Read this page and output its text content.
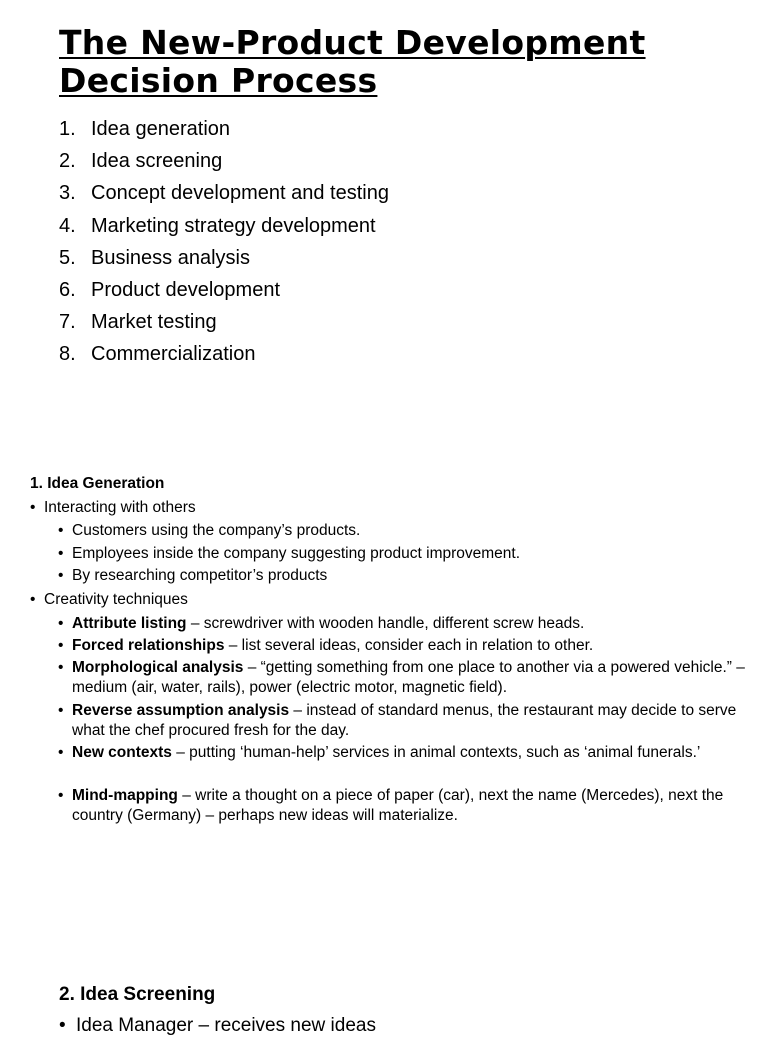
The New-Product Development Decision Process
1. Idea generation
2. Idea screening
3. Concept development and testing
4. Marketing strategy development
5. Business analysis
6. Product development
7. Market testing
8. Commercialization
1. Idea Generation
• Interacting with others
• Customers using the company’s products.
• Employees inside the company suggesting product improvement.
• By researching competitor’s products
• Creativity techniques
• Attribute listing – screwdriver with wooden handle, different screw heads.
• Forced relationships – list several ideas, consider each in relation to other.
• Morphological analysis – “getting something from one place to another via a powered vehicle.” – medium (air, water, rails), power (electric motor, magnetic field).
• Reverse assumption analysis – instead of standard menus, the restaurant may decide to serve what the chef procured fresh for the day.
• New contexts – putting ‘human-help’ services in animal contexts, such as ‘animal funerals.’
• Mind-mapping – write a thought on a piece of paper (car), next the name (Mercedes), next the country (Germany) – perhaps new ideas will materialize.
2. Idea Screening
• Idea Manager – receives new ideas
